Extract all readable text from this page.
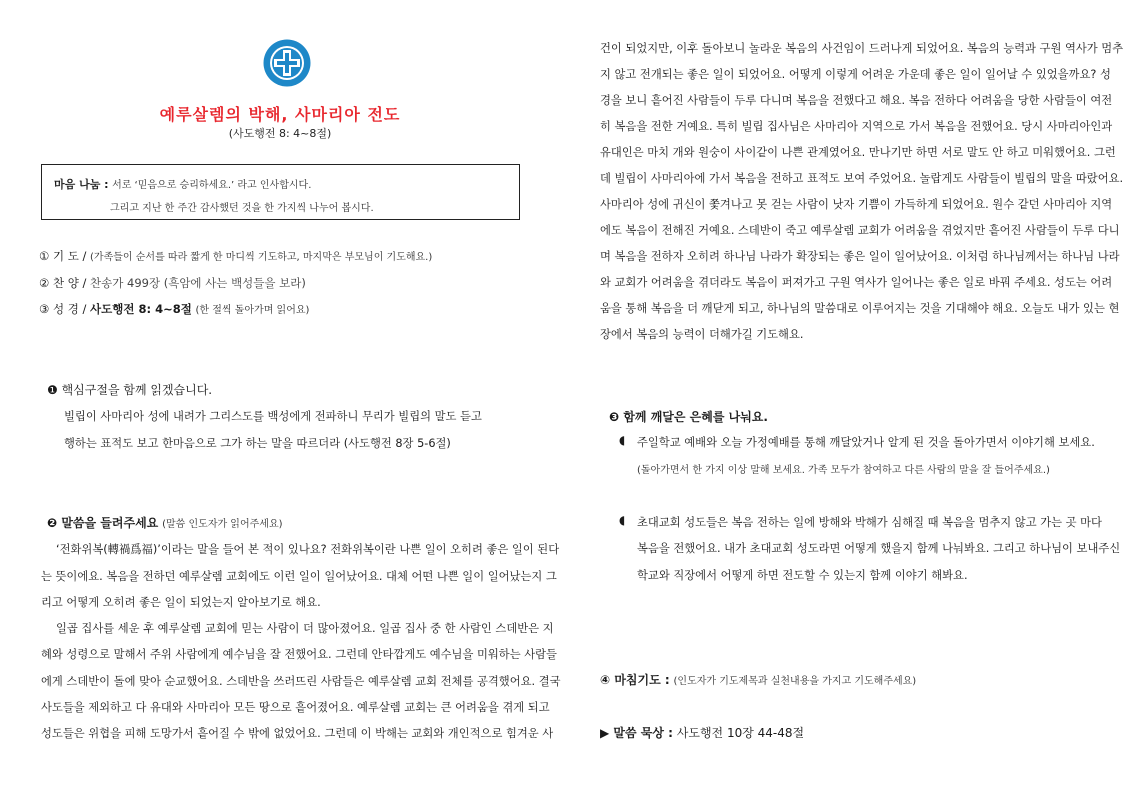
예루살렘의 박해, 사마리아 전도
(사도행전 8: 4~8절)
마음 나눔 : 서로 ‘믿음으로 승리하세요.’ 라고 인사합시다.
그리고 지난 한 주간 감사했던 것을 한 가지씩 나누어 봅시다.
① 기 도 / (가족들이 순서를 따라 짧게 한 마디씩 기도하고, 마지막은 부모님이 기도해요.)
② 찬 양 / 찬송가 499장 (흑암에 사는 백성들을 보라)
③ 성 경 / 사도행전 8: 4~8절 (한 절씩 돌아가며 읽어요)
❶ 핵심구절을 함께 읽겠습니다.
빌립이 사마리아 성에 내려가 그리스도를 백성에게 전파하니 무리가 빌립의 말도 듣고
행하는 표적도 보고 한마음으로 그가 하는 말을 따르더라 (사도행전 8장 5-6절)
❷ 말씀을 들려주세요 (말씀 인도자가 읽어주세요)
‘전화위복(轉禍爲福)’이라는 말을 들어 본 적이 있나요? 전화위복이란 나쁜 일이 오히려 좋은 일이 된다
는 뜻이에요. 복음을 전하던 예루살렘 교회에도 이런 일이 일어났어요. 대체 어떤 나쁜 일이 일어났는지 그
리고 어떻게 오히려 좋은 일이 되었는지 알아보기로 해요.
일곱 집사를 세운 후 예루살렘 교회에 믿는 사람이 더 많아졌어요. 일곱 집사 중 한 사람인 스데반은 지
혜와 성령으로 말해서 주위 사람에게 예수님을 잘 전했어요. 그런데 안타깝게도 예수님을 미워하는 사람들
에게 스데반이 돌에 맞아 순교했어요. 스데반을 쓰러뜨린 사람들은 예루살렘 교회 전체를 공격했어요. 결국
사도들을 제외하고 다 유대와 사마리아 모든 땅으로 흩어졌어요. 예루살렘 교회는 큰 어려움을 겪게 되고
성도들은 위협을 피해 도망가서 흩어질 수 밖에 없었어요. 그런데 이 박해는 교회와 개인적으로 힘겨운 사
건이 되었지만, 이후 돌아보니 놀라운 복음의 사건임이 드러나게 되었어요. 복음의 능력과 구원 역사가 멈추
지 않고 전개되는 좋은 일이 되었어요. 어떻게 이렇게 어려운 가운데 좋은 일이 일어날 수 있었을까요? 성
경을 보니 흩어진 사람들이 두루 다니며 복음을 전했다고 해요. 복음 전하다 어려움을 당한 사람들이 여전
히 복음을 전한 거예요. 특히 빌립 집사님은 사마리아 지역으로 가서 복음을 전했어요. 당시 사마리아인과
유대인은 마치 개와 원숭이 사이같이 나쁜 관계였어요. 만나기만 하면 서로 말도 안 하고 미워했어요. 그런
데 빌립이 사마리아에 가서 복음을 전하고 표적도 보여 주었어요. 놀랍게도 사람들이 빌립의 말을 따랐어요.
사마리아 성에 귀신이 쫓겨나고 못 걷는 사람이 낫자 기쁨이 가득하게 되었어요. 원수 같던 사마리아 지역
에도 복음이 전해진 거예요. 스데반이 죽고 예루살렘 교회가 어려움을 겪었지만 흩어진 사람들이 두루 다니
며 복음을 전하자 오히려 하나님 나라가 확장되는 좋은 일이 일어났어요. 이처럼 하나님께서는 하나님 나라
와 교회가 어려움을 겪더라도 복음이 퍼져가고 구원 역사가 일어나는 좋은 일로 바꿔 주세요. 성도는 어려
움을 통해 복음을 더 깨닫게 되고, 하나님의 말씀대로 이루어지는 것을 기대해야 해요. 오늘도 내가 있는 현
장에서 복음의 능력이 더해가길 기도해요.
❸ 함께 깨달은 은혜를 나눠요.
◖ 주일학교 예배와 오늘 가정예배를 통해 깨달았거나 알게 된 것을 돌아가면서 이야기해 보세요.
(돌아가면서 한 가지 이상 말해 보세요. 가족 모두가 참여하고 다른 사람의 말을 잘 들어주세요.)
◖ 초대교회 성도들은 복음 전하는 일에 방해와 박해가 심해질 때 복음을 멈추지 않고 가는 곳 마다
복음을 전했어요. 내가 초대교회 성도라면 어떻게 했을지 함께 나눠봐요. 그리고 하나님이 보내주신
학교와 직장에서 어떻게 하면 전도할 수 있는지 함께 이야기 해봐요.
④ 마침기도 : (인도자가 기도제목과 실천내용을 가지고 기도해주세요)
▶ 말씀 묵상 : 사도행전 10장 44-48절
